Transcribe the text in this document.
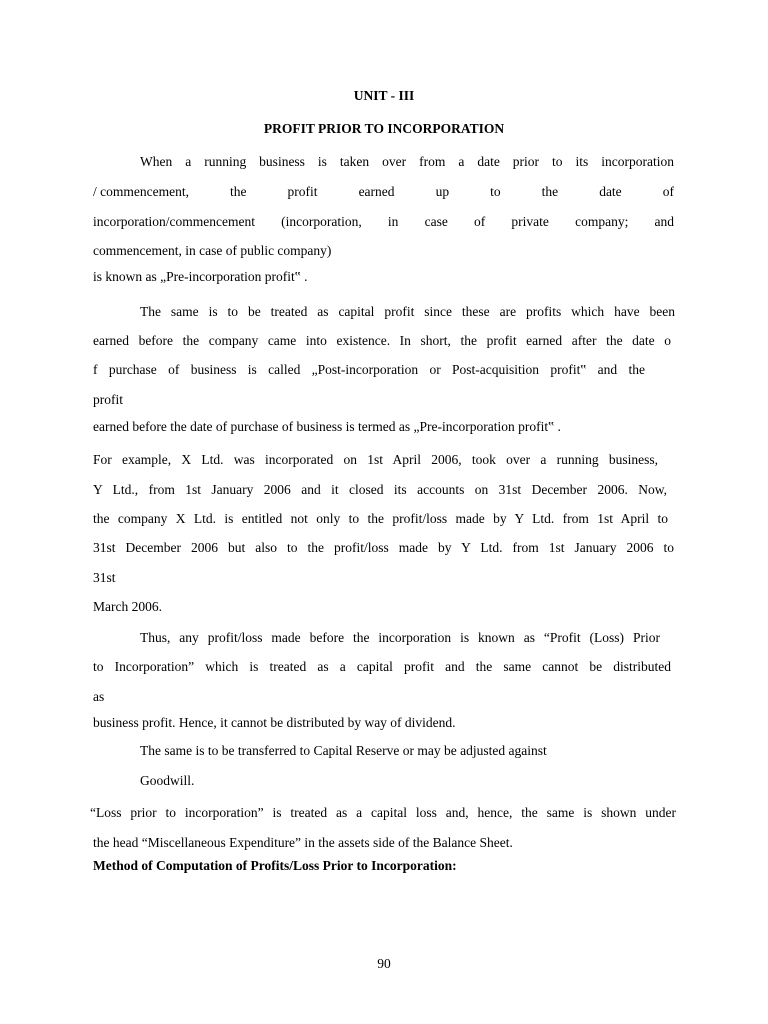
UNIT - III
PROFIT PRIOR TO INCORPORATION
When a running business is taken over from a date prior to its incorporation
/ commencement,	the	profit	earned	up	to	the	date	of
incorporation/commencement (incorporation, in case of private company; and
commencement, in case of public company)
is known as „Pre-incorporation profit‟ .
The same is to be treated as capital profit since these are profits which have been
earned before the company came into existence. In short, the profit earned after the date o
f purchase of business is called „Post-incorporation or Post-acquisition profit‟ and the
profit
earned before the date of purchase of business is termed as „Pre-incorporation profit‟ .
For example, X Ltd. was incorporated on 1st April 2006, took over a running business,
Y Ltd., from 1st January 2006 and it closed its accounts on 31st December 2006. Now,
the company X Ltd. is entitled not only to the profit/loss made by Y Ltd. from 1st April to
31st December 2006 but also to the profit/loss made by Y Ltd. from 1st January 2006 to
31st
March 2006.
Thus, any profit/loss made before the incorporation is known as “Profit (Loss) Prior
to Incorporation” which is treated as a capital profit and the same cannot be distributed
as
business profit. Hence, it cannot be distributed by way of dividend.
The same is to be transferred to Capital Reserve or may be adjusted against
Goodwill.
“Loss prior to incorporation” is treated as a capital loss and, hence, the same is shown under
the head “Miscellaneous Expenditure” in the assets side of the Balance Sheet.
Method of Computation of Profits/Loss Prior to Incorporation:
90
